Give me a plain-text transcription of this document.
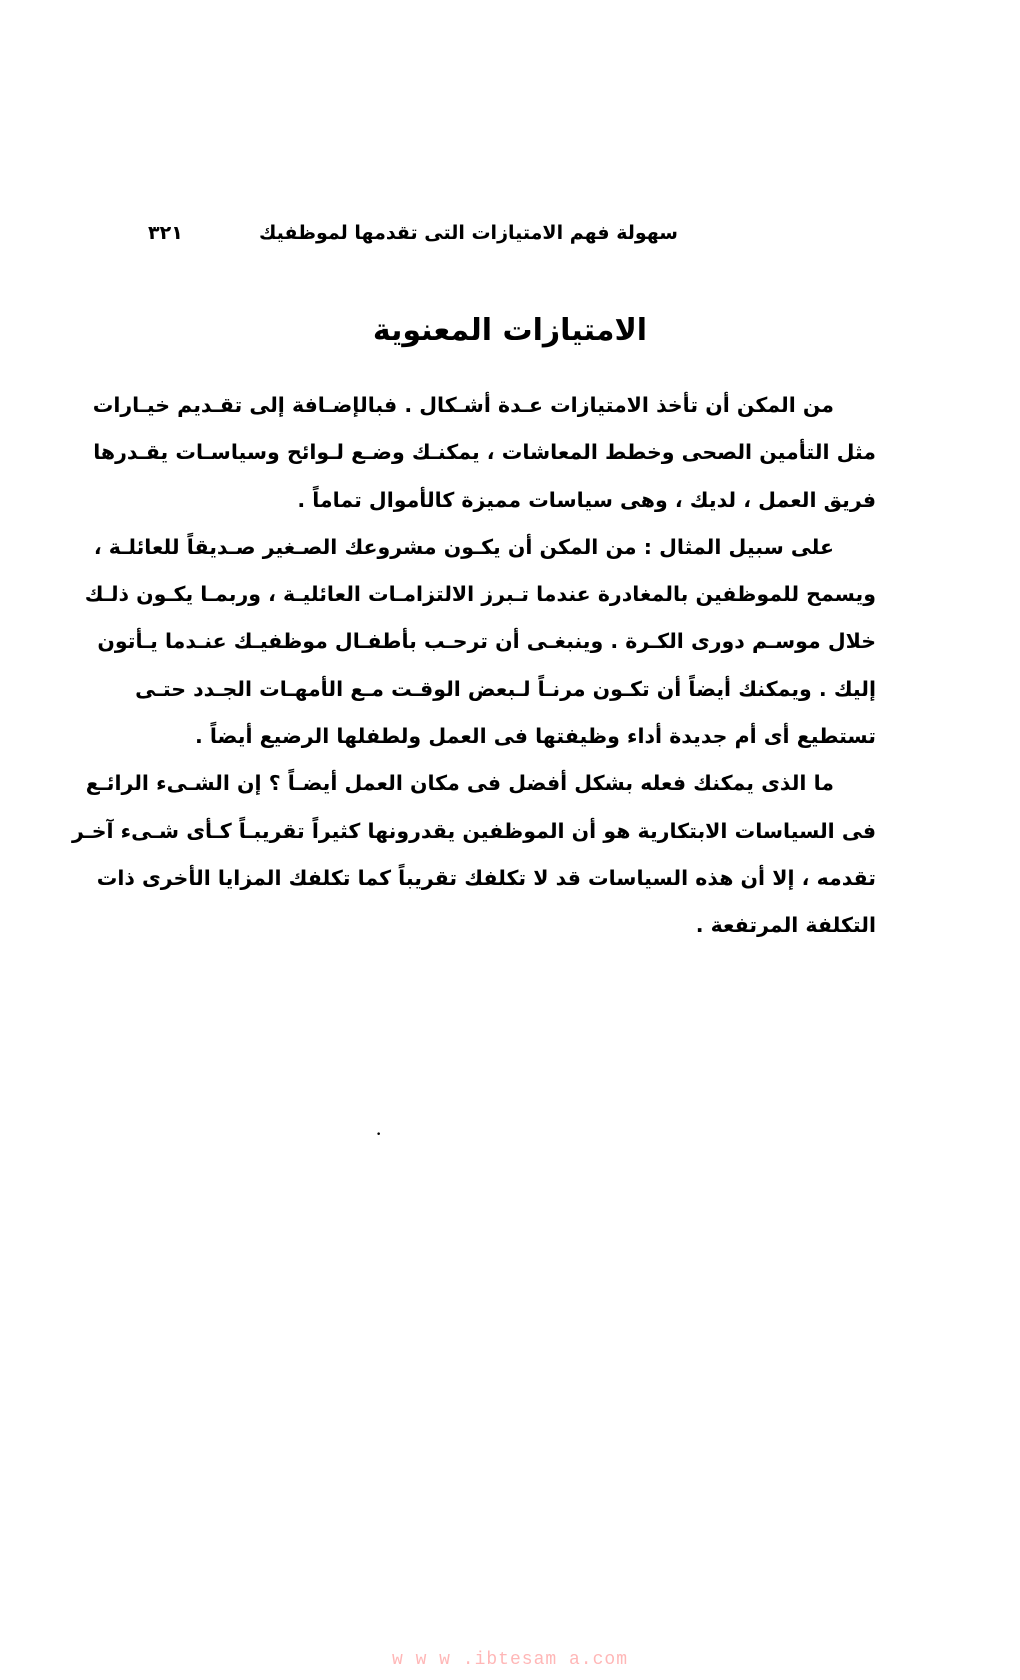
سهولة فهم الامتيازات التى تقدمها لموظفيك
٣٢١
الامتيازات المعنوية
من المكن أن تأخذ الامتيازات عـدة أشـكال . فبالإضـافة إلى تقـديم خيـارات
مثل التأمين الصحى وخطط المعاشات ، يمكنـك وضـع لـوائح وسياسـات يقـدرها
فريق العمل ، لديك ، وهى سياسات مميزة كالأموال تماماً .
على سبيل المثال : من المكن أن يكـون مشروعك الصـغير صـديقاً للعائلـة ،
ويسمح للموظفين بالمغادرة عندما تـبرز الالتزامـات العائليـة ، وربمـا يكـون ذلـك
خلال موسـم دورى الكـرة . وينبغـى أن ترحـب بأطفـال موظفيـك عنـدما يـأتون
إليك . ويمكنك أيضاً أن تكـون مرنـاً لـبعض الوقـت مـع الأمهـات الجـدد حتـى
تستطيع أى أم جديدة أداء وظيفتها فى العمل ولطفلها الرضيع أيضاً .
ما الذى يمكنك فعله بشكل أفضل فى مكان العمل أيضـاً ؟ إن الشـىء الرائـع
فى السياسات الابتكارية هو أن الموظفين يقدرونها كثيراً تقريبـاً كـأى شـىء آخـر
تقدمه ، إلا أن هذه السياسات قد لا تكلفك تقريباً كما تكلفك المزايا الأخرى ذات
التكلفة المرتفعة .
•
w w w .ibtesam a.com
